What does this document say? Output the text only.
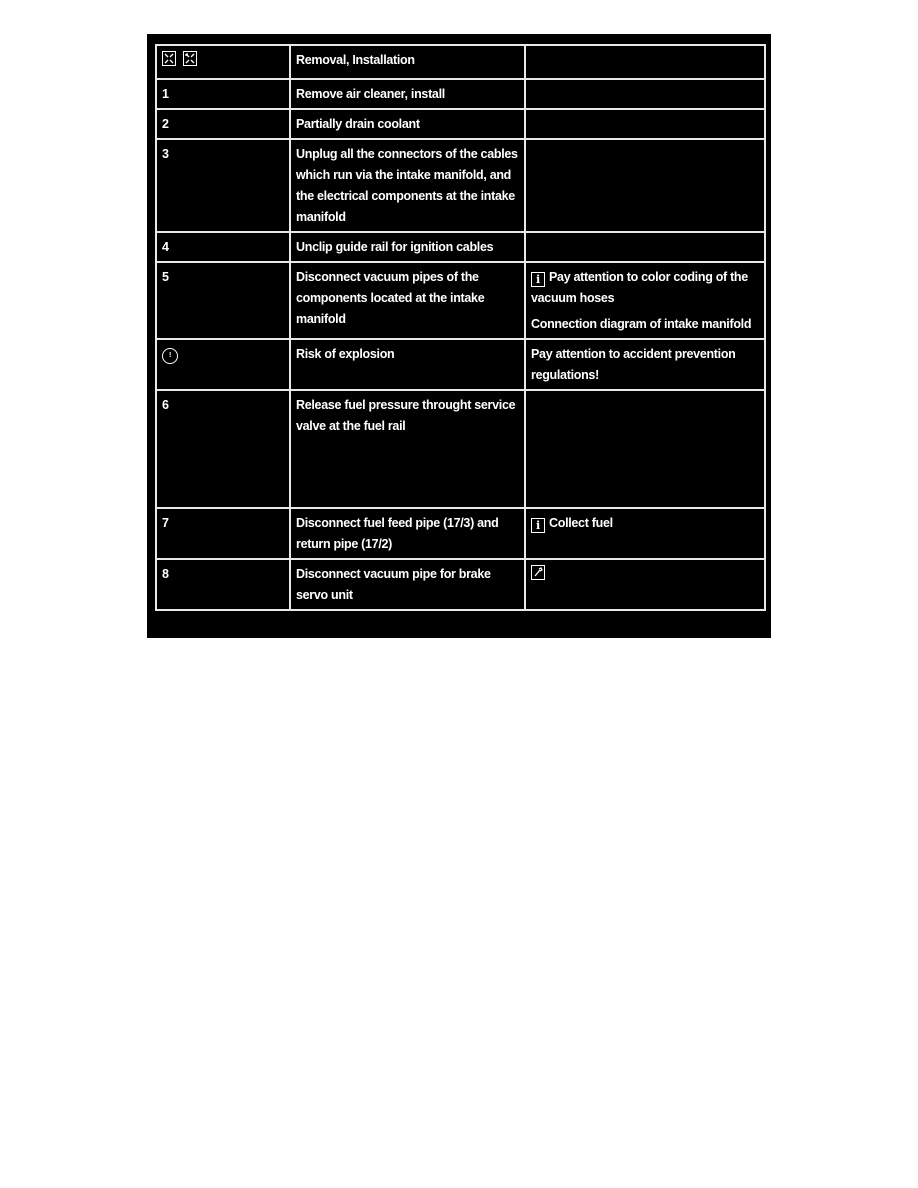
	Removal, Installation	
1	Remove air cleaner, install	
2	Partially drain coolant	
3	Unplug all the connectors of the cables which run via the intake manifold, and the electrical components at the intake manifold	
4	Unclip guide rail for ignition cables	
5	Disconnect vacuum pipes of the components located at the intake manifold	i Pay attention to color coding of the vacuum hoses

Connection diagram of intake manifold

!	Risk of explosion	Pay attention to accident prevention regulations!

6	Release fuel pressure throught service valve at the fuel rail	
7	Disconnect fuel feed pipe (17/3) and return pipe (17/2)	i Collect fuel

8	Disconnect vacuum pipe for brake servo unit	
